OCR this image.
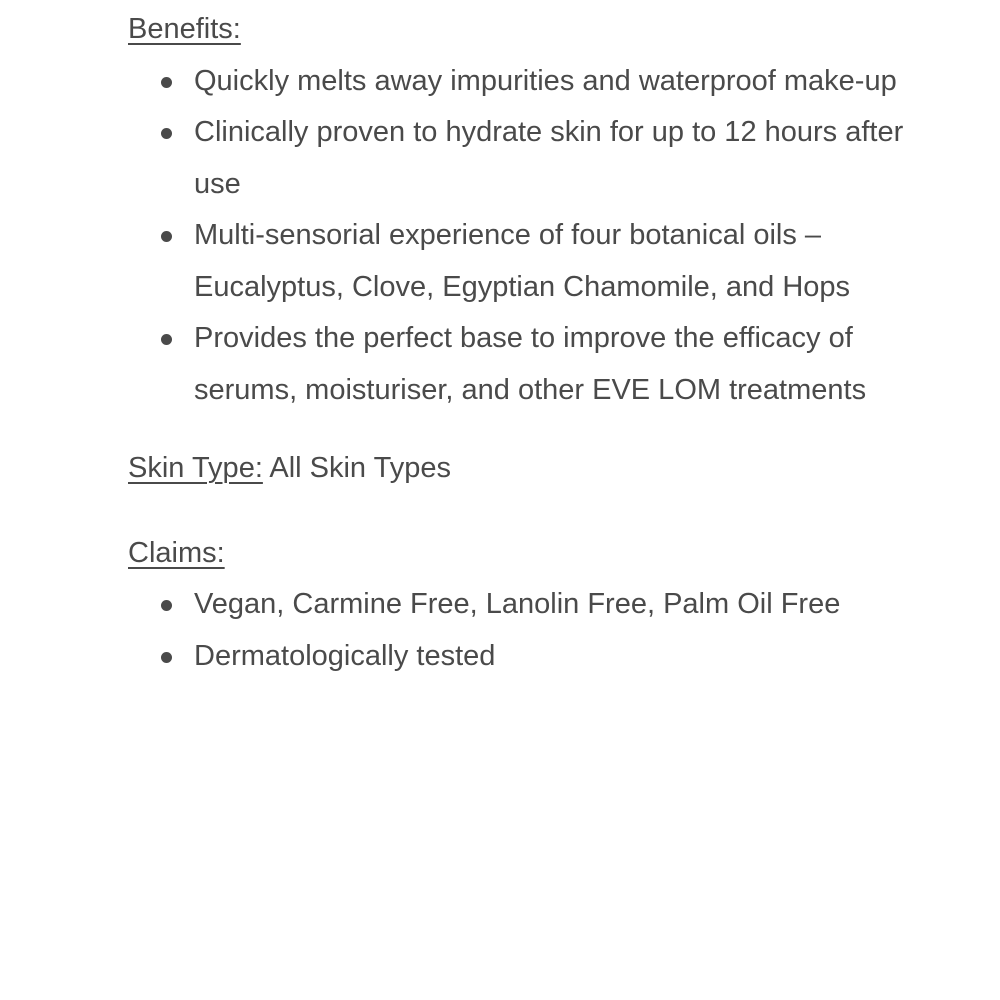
Benefits:
Quickly melts away impurities and waterproof make-up
Clinically proven to hydrate skin for up to 12 hours after use
Multi-sensorial experience of four botanical oils – Eucalyptus, Clove, Egyptian Chamomile, and Hops
Provides the perfect base to improve the efficacy of serums, moisturiser, and other EVE LOM treatments
Skin Type: All Skin Types
Claims:
Vegan, Carmine Free, Lanolin Free, Palm Oil Free
Dermatologically tested
